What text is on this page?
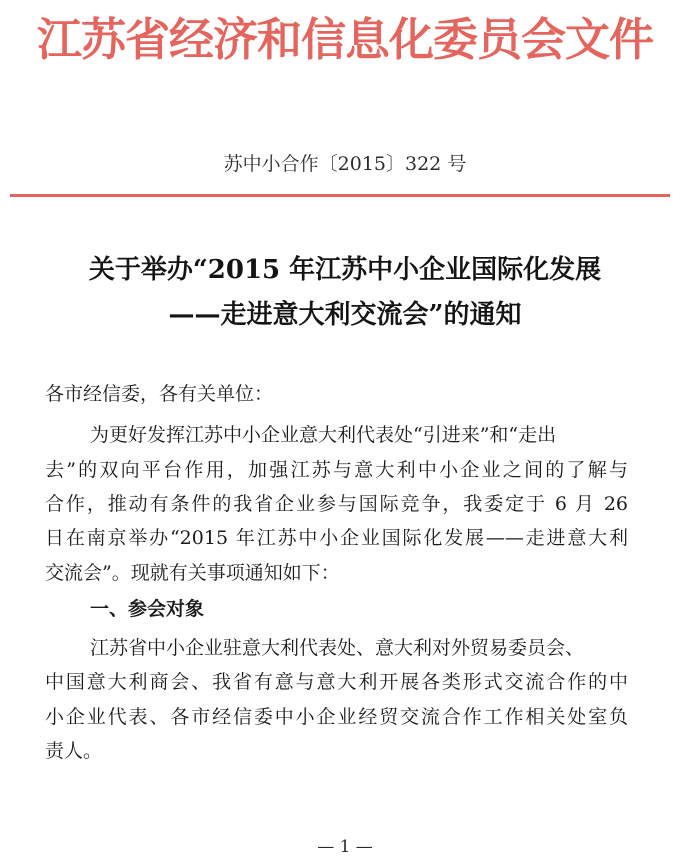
江苏省经济和信息化委员会文件
苏中小合作〔2015〕322 号
关于举办“2015 年江苏中小企业国际化发展
——走进意大利交流会”的通知
各市经信委，各有关单位：
为更好发挥江苏中小企业意大利代表处“引进来”和“走出
去”的双向平台作用，加强江苏与意大利中小企业之间的了解与
合作，推动有条件的我省企业参与国际竞争，我委定于 6 月 26
日在南京举办“2015 年江苏中小企业国际化发展——走进意大利
交流会”。现就有关事项通知如下：
一、参会对象
江苏省中小企业驻意大利代表处、意大利对外贸易委员会、
中国意大利商会、我省有意与意大利开展各类形式交流合作的中
小企业代表、各市经信委中小企业经贸交流合作工作相关处室负
责人。
— 1 —
